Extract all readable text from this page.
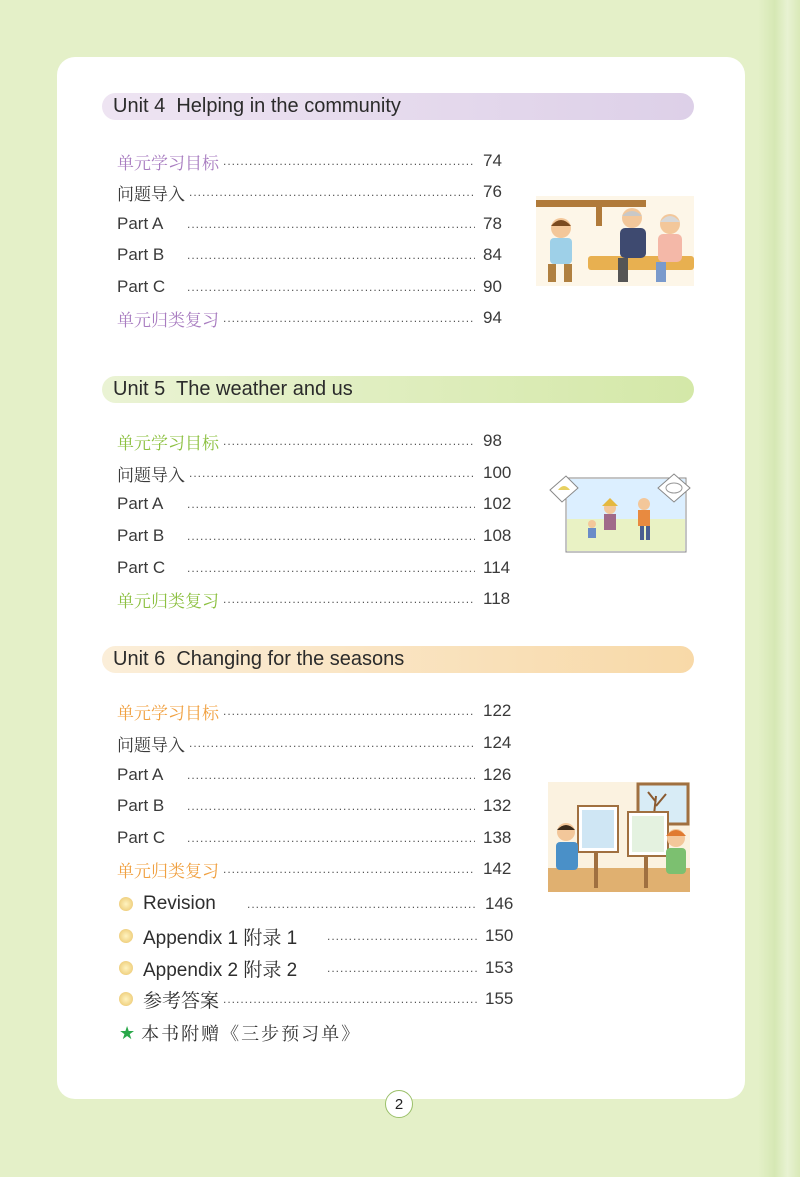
Unit 4  Helping in the community
单元学习目标 .....	74
问题导入 .....	76
Part A .....	78
Part B .....	84
Part C .....	90
单元归类复习 .....	94
Unit 5  The weather and us
单元学习目标 .....	98
问题导入 .....	100
Part A .....	102
Part B .....	108
Part C .....	114
单元归类复习 .....	118
Unit 6  Changing for the seasons
单元学习目标 .....	122
问题导入 .....	124
Part A .....	126
Part B .....	132
Part C .....	138
单元归类复习 .....	142
Revision .....	146
Appendix 1 附录 1 .....	150
Appendix 2 附录 2 .....	153
参考答案 .....	155
★ 本书附赠《三步预习单》
2
